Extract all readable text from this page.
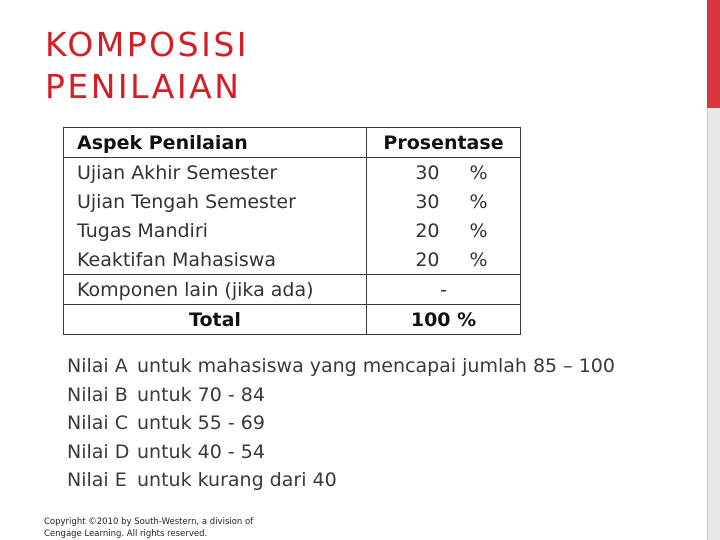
KOMPOSISI
PENILAIAN
Aspek Penilaian	Prosentase
Ujian Akhir Semester	30 %
Ujian Tengah Semester	30 %
Tugas Mandiri	20 %
Keaktifan Mahasiswa	20 %
Komponen lain (jika ada)	-
Total	100 %
Nilai A untuk mahasiswa yang mencapai jumlah 85 – 100
Nilai B untuk 70 - 84
Nilai C untuk 55 - 69
Nilai D untuk 40 - 54
Nilai E untuk kurang dari 40

Copyright ©2010 by South-Western, a division of
Cengage Learning. All rights reserved.
